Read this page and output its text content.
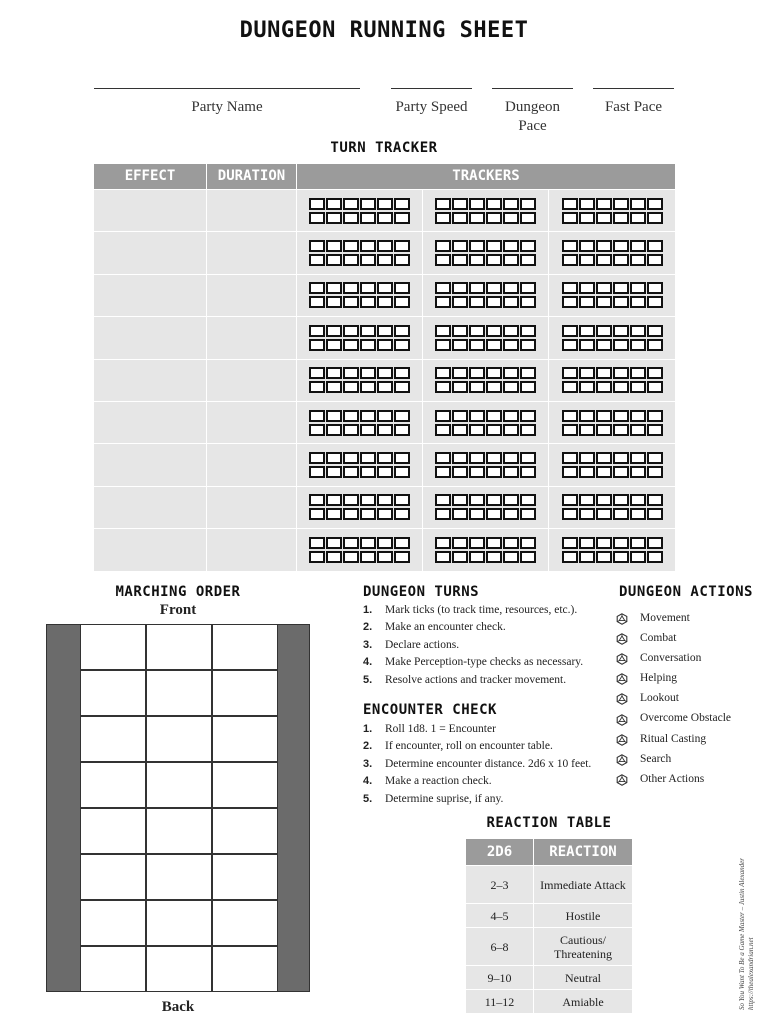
DUNGEON RUNNING SHEET
Party Name	Party Speed	Dungeon Pace
Fast Pace
TURN TRACKER
EFFECT	DURATION	TRACKERS
MARCHING ORDER
Front
Back
DUNGEON TURNS
1.	Mark ticks (to track time, resources, etc.).
2.	Make an encounter check.
3.	Declare actions.
4.	Make Perception-type checks as necessary.
5.	Resolve actions and tracker movement.
ENCOUNTER CHECK
1.	Roll 1d8. 1 = Encounter
2.	If encounter, roll on encounter table.
3.	Determine encounter distance. 2d6 x 10 feet.
4.	Make a reaction check.
5.	Determine suprise, if any.
DUNGEON ACTIONS
Movement
Combat
Conversation
Helping
Lookout
Overcome Obstacle
Ritual Casting
Search
Other Actions
REACTION TABLE
2D6	REACTION
2–3	Immediate Attack
4–5	Hostile
6–8	Cautious/ Threatening
9–10	Neutral
11–12	Amiable	So You Want To Be a Game Master – Justin Alexander https://thealexandrian.net
